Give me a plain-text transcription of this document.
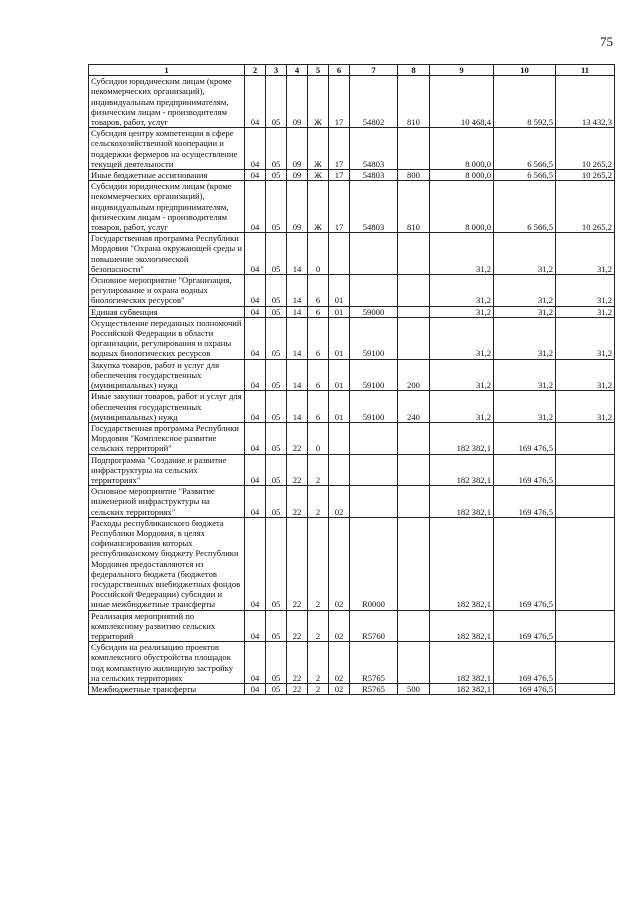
75
1	2	3	4	5	6	7	8	9	10	11
Субсидии юридическим лицам (кроме некоммерческих организаций), индивидуальным предпринимателям, физическим лицам - производителям товаров, работ, услуг	04	05	09	Ж	17	54802	810	10 468,4	8 592,5	13 432,3
Субсидия центру компетенции в сфере сельскохозяйственной кооперации и поддержки фермеров на осуществление текущей деятельности	04	05	09	Ж	17	54803		8 000,0	6 566,5	10 265,2
Иные бюджетные ассигнования	04	05	09	Ж	17	54803	800	8 000,0	6 566,5	10 265,2
Субсидии юридическим лицам (кроме некоммерческих организаций), индивидуальным предпринимателям, физическим лицам - производителям товаров, работ, услуг	04	05	09	Ж	17	54803	810	8 000,0	6 566,5	10 265,2
Государственная программа Республики Мордовия "Охрана окружающей среды и повышение экологической безопасности"	04	05	14	0				31,2	31,2	31,2
Основное мероприятие "Организация, регулирование и охрана водных биологических ресурсов"	04	05	14	6	01			31,2	31,2	31,2
Единая субвенция	04	05	14	6	01	59000		31,2	31,2	31,2
Осуществление переданных полномочий Российской Федерации в области организации, регулирования и охраны водных биологических ресурсов	04	05	14	6	01	59100		31,2	31,2	31,2
Закупка товаров, работ и услуг для обеспечения государственных (муниципальных) нужд	04	05	14	6	01	59100	200	31,2	31,2	31,2
Иные закупки товаров, работ и услуг для обеспечения государственных (муниципальных) нужд	04	05	14	6	01	59100	240	31,2	31,2	31,2
Государственная программа Республики Мордовия "Комплексное развитие сельских территорий"	04	05	22	0				182 382,1	169 476,5	
Подпрограмма "Создание и развитие инфраструктуры на сельских территориях"	04	05	22	2				182 382,1	169 476,5	
Основное мероприятие "Развитие инженерной инфраструктуры на сельских территориях"	04	05	22	2	02			182 382,1	169 476,5	
Расходы республиканского бюджета Республики Мордовия, в целях софинансирования которых республиканскому бюджету Республики Мордовия предоставляются из федерального бюджета (бюджетов государственных внебюджетных фондов Российской Федерации) субсидии и иные межбюджетные трансферты	04	05	22	2	02	R0000		182 382,1	169 476,5	
Реализация мероприятий по комплексному развитию сельских территорий	04	05	22	2	02	R5760		182 382,1	169 476,5	
Субсидии на реализацию проектов комплексного обустройства площадок под компактную жилищную застройку на сельских территориях	04	05	22	2	02	R5765		182 382,1	169 476,5	
Межбюджетные трансферты	04	05	22	2	02	R5765	500	182 382,1	169 476,5	
